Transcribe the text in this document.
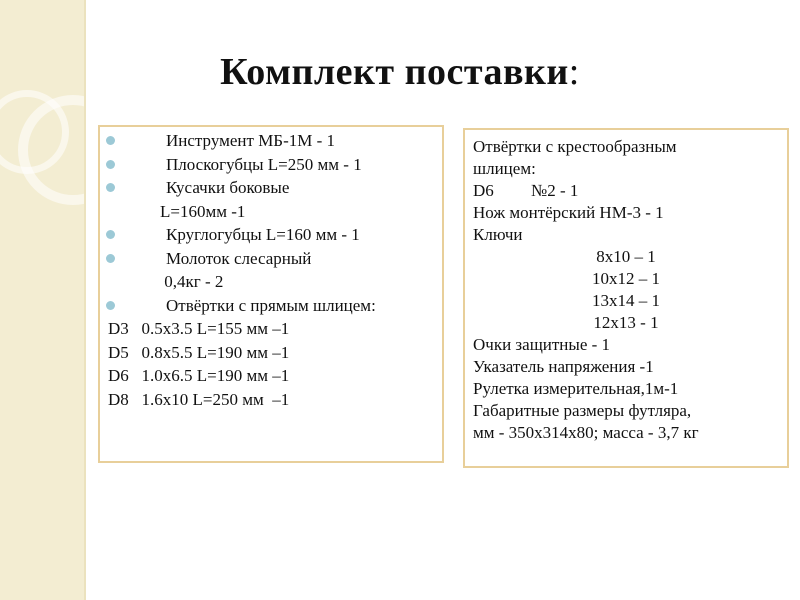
Комплект поставки:
Инструмент МБ-1М - 1
Плоскогубцы L=250 мм - 1
Кусачки боковые
L=160мм -1
Круглогубцы L=160 мм - 1
Молоток слесарный
0,4кг - 2
Отвёртки с прямым шлицем:
D3   0.5х3.5 L=155 мм –1
D5   0.8х5.5 L=190 мм –1
D6   1.0х6.5 L=190 мм –1
D8   1.6х10 L=250 мм  –1
Отвёртки с крестообразным
шлицем:
D6 №2 - 1
Нож монтёрский НМ-3 - 1
Ключи
8х10 – 1
10х12 – 1
13х14 – 1
12х13 - 1
Очки защитные - 1
Указатель напряжения -1
Рулетка измерительная,1м-1
Габаритные размеры футляра,
мм - 350х314х80; масса - 3,7 кг
